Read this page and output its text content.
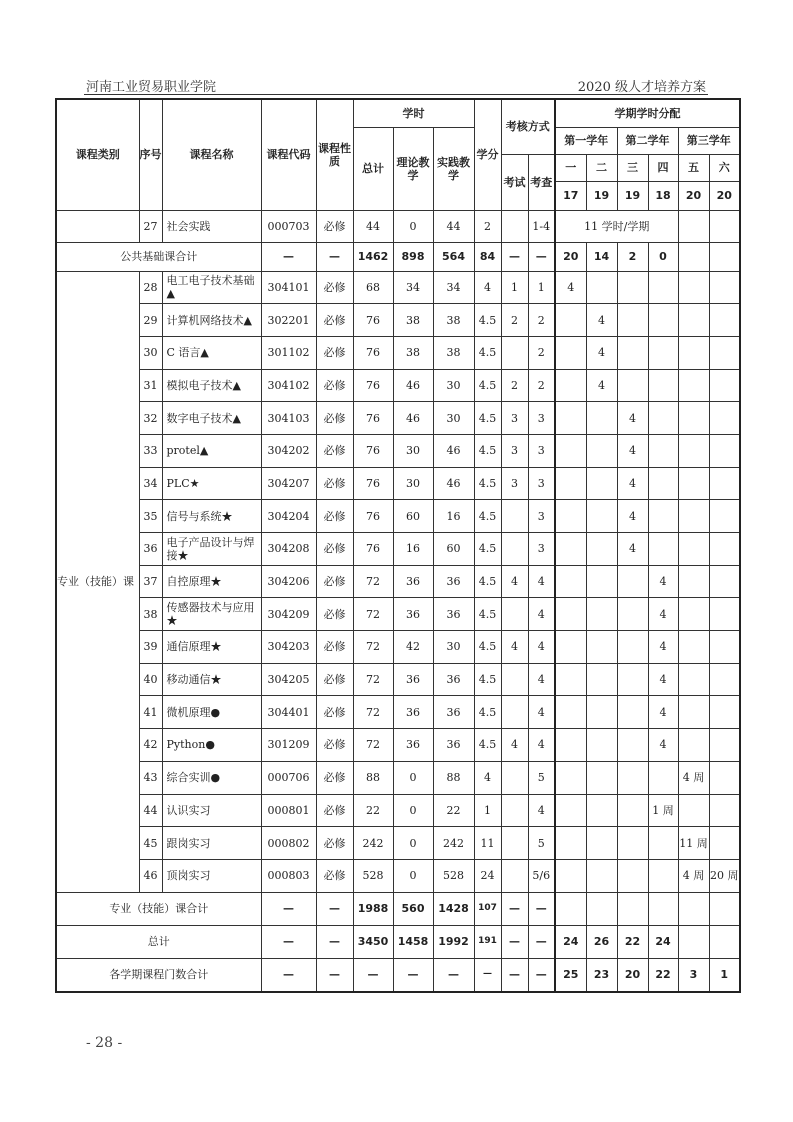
河南工业贸易职业学院	2020 级人才培养方案
课程类别	序号	课程名称	课程代码	课程性质	学时			学分	考核方式		学期学时分配					
					总计	理论教学	实践教学				第一学年		第二学年		第三学年	
									考试	考查	一	二	三	四	五	六
											17	19	19	18	20	20
	27	社会实践	000703	必修	44	0	44	2		1-4	11 学时/学期					
公共基础课合计			—	—	1462	898	564	84	—	—	20	14	2	0		
专业（技能）课	28	电工电子技术基础▲	304101	必修	68	34	34	4	1	1	4					
	29	计算机网络技术▲	302201	必修	76	38	38	4.5	2	2		4				
	30	C 语言▲	301102	必修	76	38	38	4.5		2		4				
	31	模拟电子技术▲	304102	必修	76	46	30	4.5	2	2		4				
	32	数字电子技术▲	304103	必修	76	46	30	4.5	3	3			4			
	33	protel▲	304202	必修	76	30	46	4.5	3	3			4			
	34	PLC★	304207	必修	76	30	46	4.5	3	3			4			
	35	信号与系统★	304204	必修	76	60	16	4.5		3			4			
	36	电子产品设计与焊接★	304208	必修	76	16	60	4.5		3			4			
	37	自控原理★	304206	必修	72	36	36	4.5	4	4				4		
	38	传感器技术与应用★	304209	必修	72	36	36	4.5		4				4		
	39	通信原理★	304203	必修	72	42	30	4.5	4	4				4		
	40	移动通信★	304205	必修	72	36	36	4.5		4				4		
	41	微机原理●	304401	必修	72	36	36	4.5		4				4		
	42	Python●	301209	必修	72	36	36	4.5	4	4				4		
	43	综合实训●	000706	必修	88	0	88	4		5					4 周	
	44	认识实习	000801	必修	22	0	22	1		4				1 周		
	45	跟岗实习	000802	必修	242	0	242	11		5					11 周	
	46	顶岗实习	000803	必修	528	0	528	24		5/6					4 周	20 周
专业（技能）课合计			—	—	1988	560	1428	107	—	—						
总计			—	—	3450	1458	1992	191	—	—	24	26	22	24		
各学期课程门数合计			—	—	—	—	—	—	—	—	25	23	20	22	3	1
- 28 -
